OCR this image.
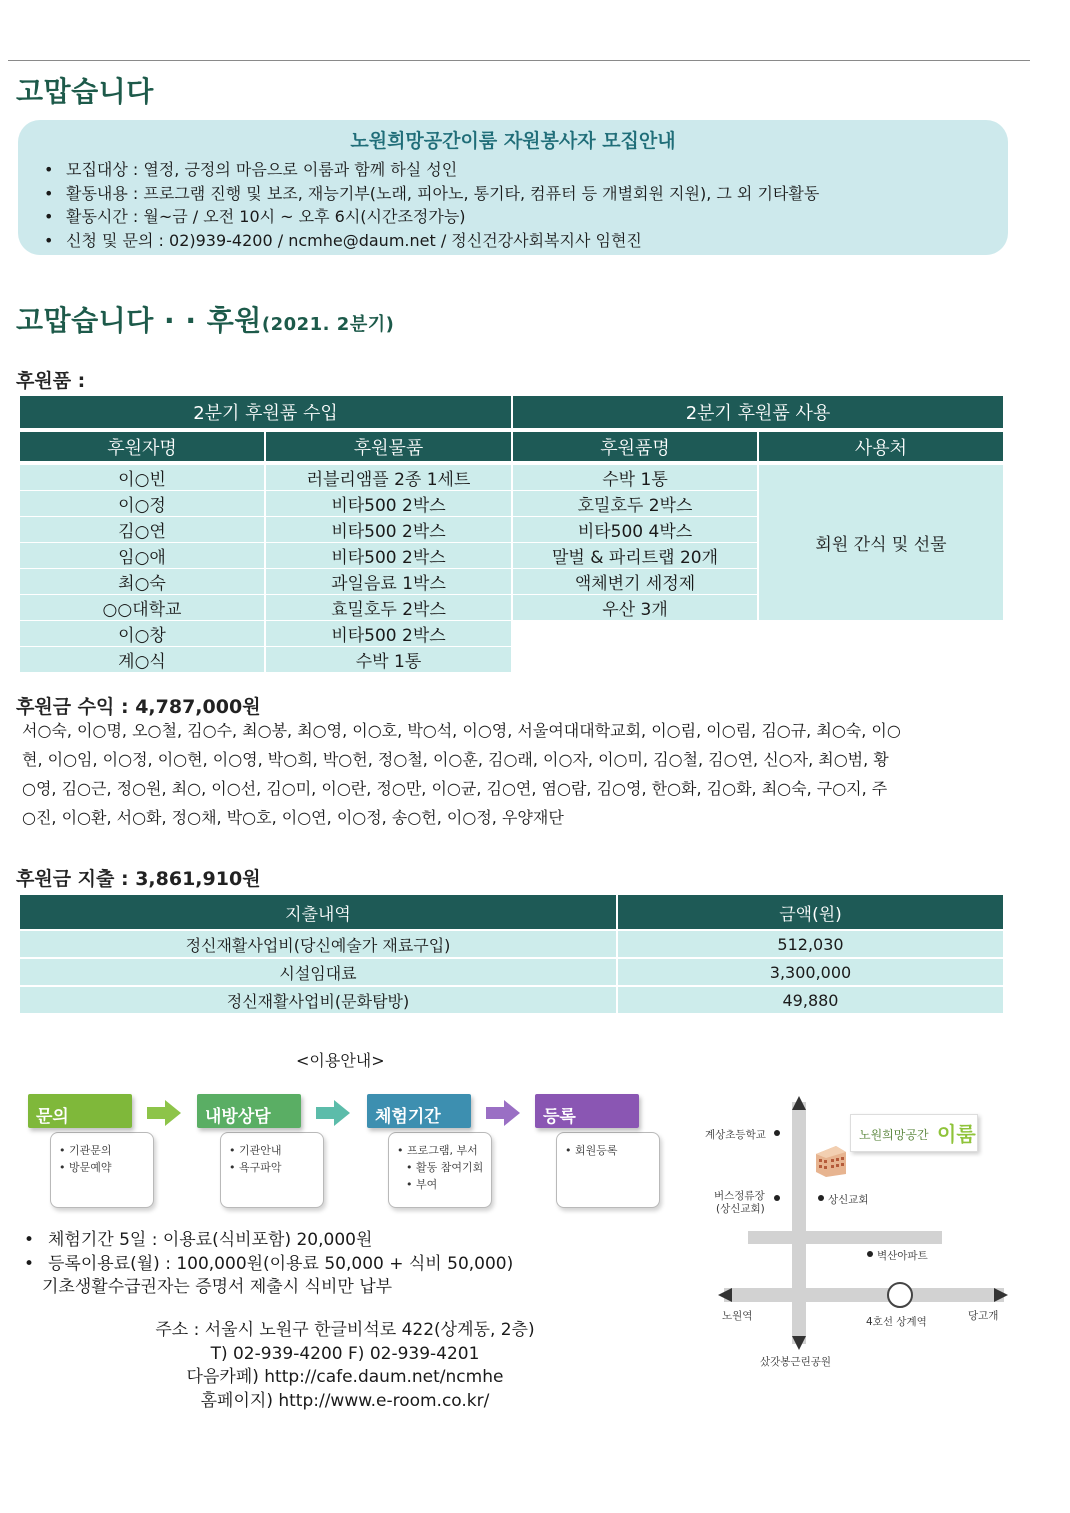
고맙습니다
노원희망공간이룸 자원봉사자 모집안내
• 모집대상 : 열정, 긍정의 마음으로 이룸과 함께 하실 성인
• 활동내용 : 프로그램 진행 및 보조, 재능기부(노래, 피아노, 통기타, 컴퓨터 등 개별회원 지원), 그 외 기타활동
• 활동시간 : 월~금 / 오전 10시 ~ 오후 6시(시간조정가능)
• 신청 및 문의 : 02)939-4200 / ncmhe@daum.net / 정신건강사회복지사 임현진
고맙습니다 · · 후원(2021. 2분기)
후원품 :
2분기 후원품 수입		2분기 후원품 사용	
후원자명	후원물품	후원품명	사용처
이○빈	러블리앰플 2종 1세트	수박 1통	회원 간식 및 선물
이○정	비타500 2박스	호밀호두 2박스	
김○연	비타500 2박스	비타500 4박스	
임○애	비타500 2박스	말벌 & 파리트랩 20개	
최○숙	과일음료 1박스	액체변기 세정제	
○○대학교	효밀호두 2박스	우산 3개	
이○창	비타500 2박스		
계○식	수박 1통		
후원금 수익 : 4,787,000원
서○숙, 이○명, 오○철, 김○수, 최○봉, 최○영, 이○호, 박○석, 이○영, 서울여대대학교회, 이○림, 이○림, 김○규, 최○숙, 이○
현, 이○임, 이○정, 이○현, 이○영, 박○희, 박○헌, 정○철, 이○훈, 김○래, 이○자, 이○미, 김○철, 김○연, 신○자, 최○범, 황
○영, 김○근, 정○원, 최○, 이○선, 김○미, 이○란, 정○만, 이○균, 김○연, 염○람, 김○영, 한○화, 김○화, 최○숙, 구○지, 주
○진, 이○환, 서○화, 정○채, 박○호, 이○연, 이○정, 송○헌, 이○정, 우양재단
후원금 지출 : 3,861,910원
지출내역	금액(원)
정신재활사업비(당신예술가 재료구입)	512,030
시설임대료	3,300,000
정신재활사업비(문화탐방)	49,880
<이용안내>
• 기관문의
• 방문예약
문의
• 기관안내
• 욕구파악
내방상담
• 프로그램, 부서
• 활동 참여기회
• 부여
체험기간
• 회원등록
등록
• 체험기간 5일 : 이용료(식비포함) 20,000원
• 등록이용료(월) : 100,000원(이용료 50,000 + 식비 50,000)
기초생활수급권자는 증명서 제출시 식비만 납부
주소 : 서울시 노원구 한글비석로 422(상계동, 2층)
T) 02-939-4200 F) 02-939-4201
다음카페) http://cafe.daum.net/ncmhe
홈페이지) http://www.e-room.co.kr/
노원희망공간 이룸
계상초등학교
버스정류장
(상신교회)
상신교회
벽산아파트
노원역	4호선 상계역	당고개
샀갓봉근린공원
